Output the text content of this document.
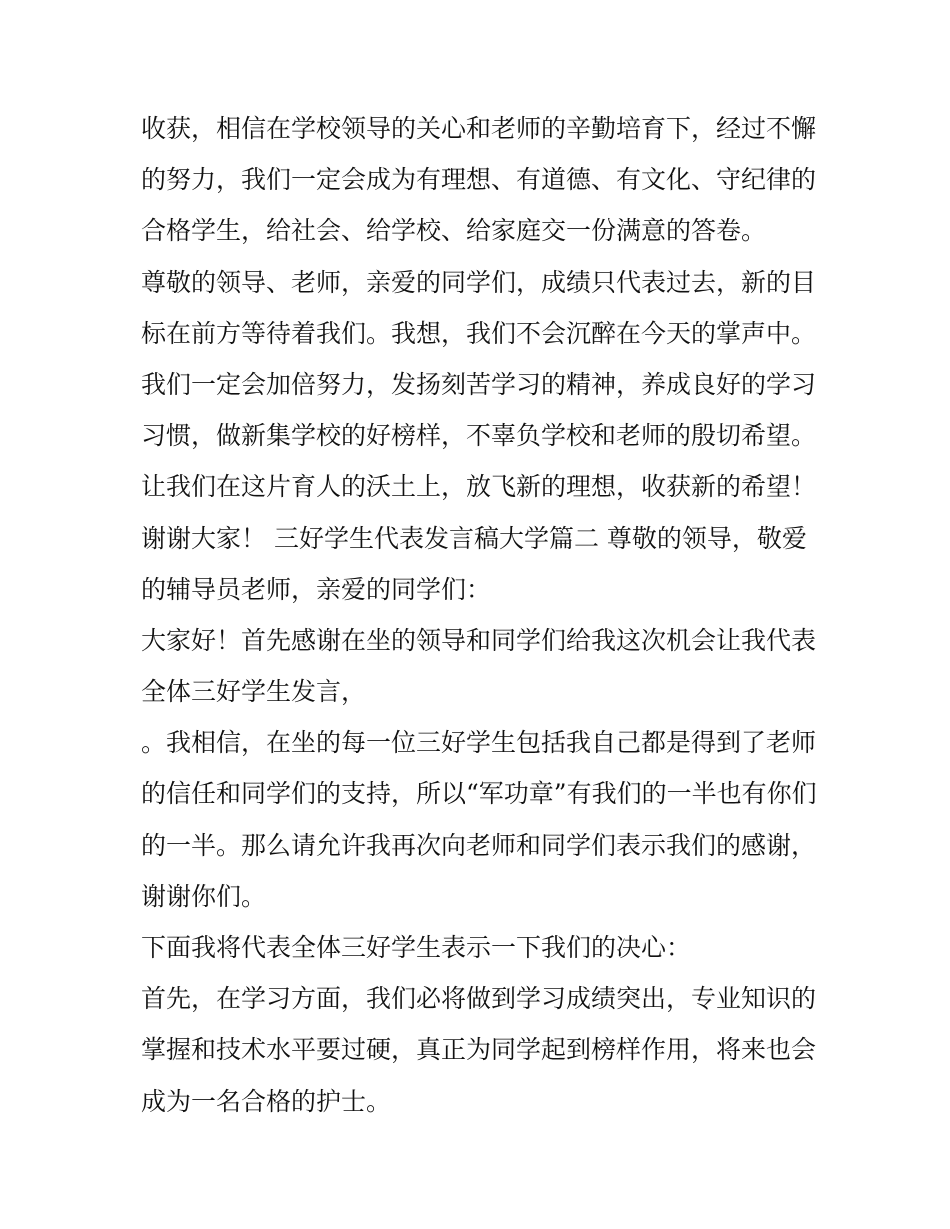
收获，相信在学校领导的关心和老师的辛勤培育下，经过不懈
的努力，我们一定会成为有理想、有道德、有文化、守纪律的
合格学生，给社会、给学校、给家庭交一份满意的答卷。
尊敬的领导、老师，亲爱的同学们，成绩只代表过去，新的目
标在前方等待着我们。我想，我们不会沉醉在今天的掌声中。
我们一定会加倍努力，发扬刻苦学习的精神，养成良好的学习
习惯，做新集学校的好榜样，不辜负学校和老师的殷切希望。
让我们在这片育人的沃土上，放飞新的理想，收获新的希望！
谢谢大家！ 三好学生代表发言稿大学篇二 尊敬的领导，敬爱
的辅导员老师，亲爱的同学们：
大家好！首先感谢在坐的领导和同学们给我这次机会让我代表
全体三好学生发言，
。我相信，在坐的每一位三好学生包括我自己都是得到了老师
的信任和同学们的支持，所以“军功章”有我们的一半也有你们
的一半。那么请允许我再次向老师和同学们表示我们的感谢，
谢谢你们。
下面我将代表全体三好学生表示一下我们的决心：
首先，在学习方面，我们必将做到学习成绩突出，专业知识的
掌握和技术水平要过硬，真正为同学起到榜样作用，将来也会
成为一名合格的护士。
